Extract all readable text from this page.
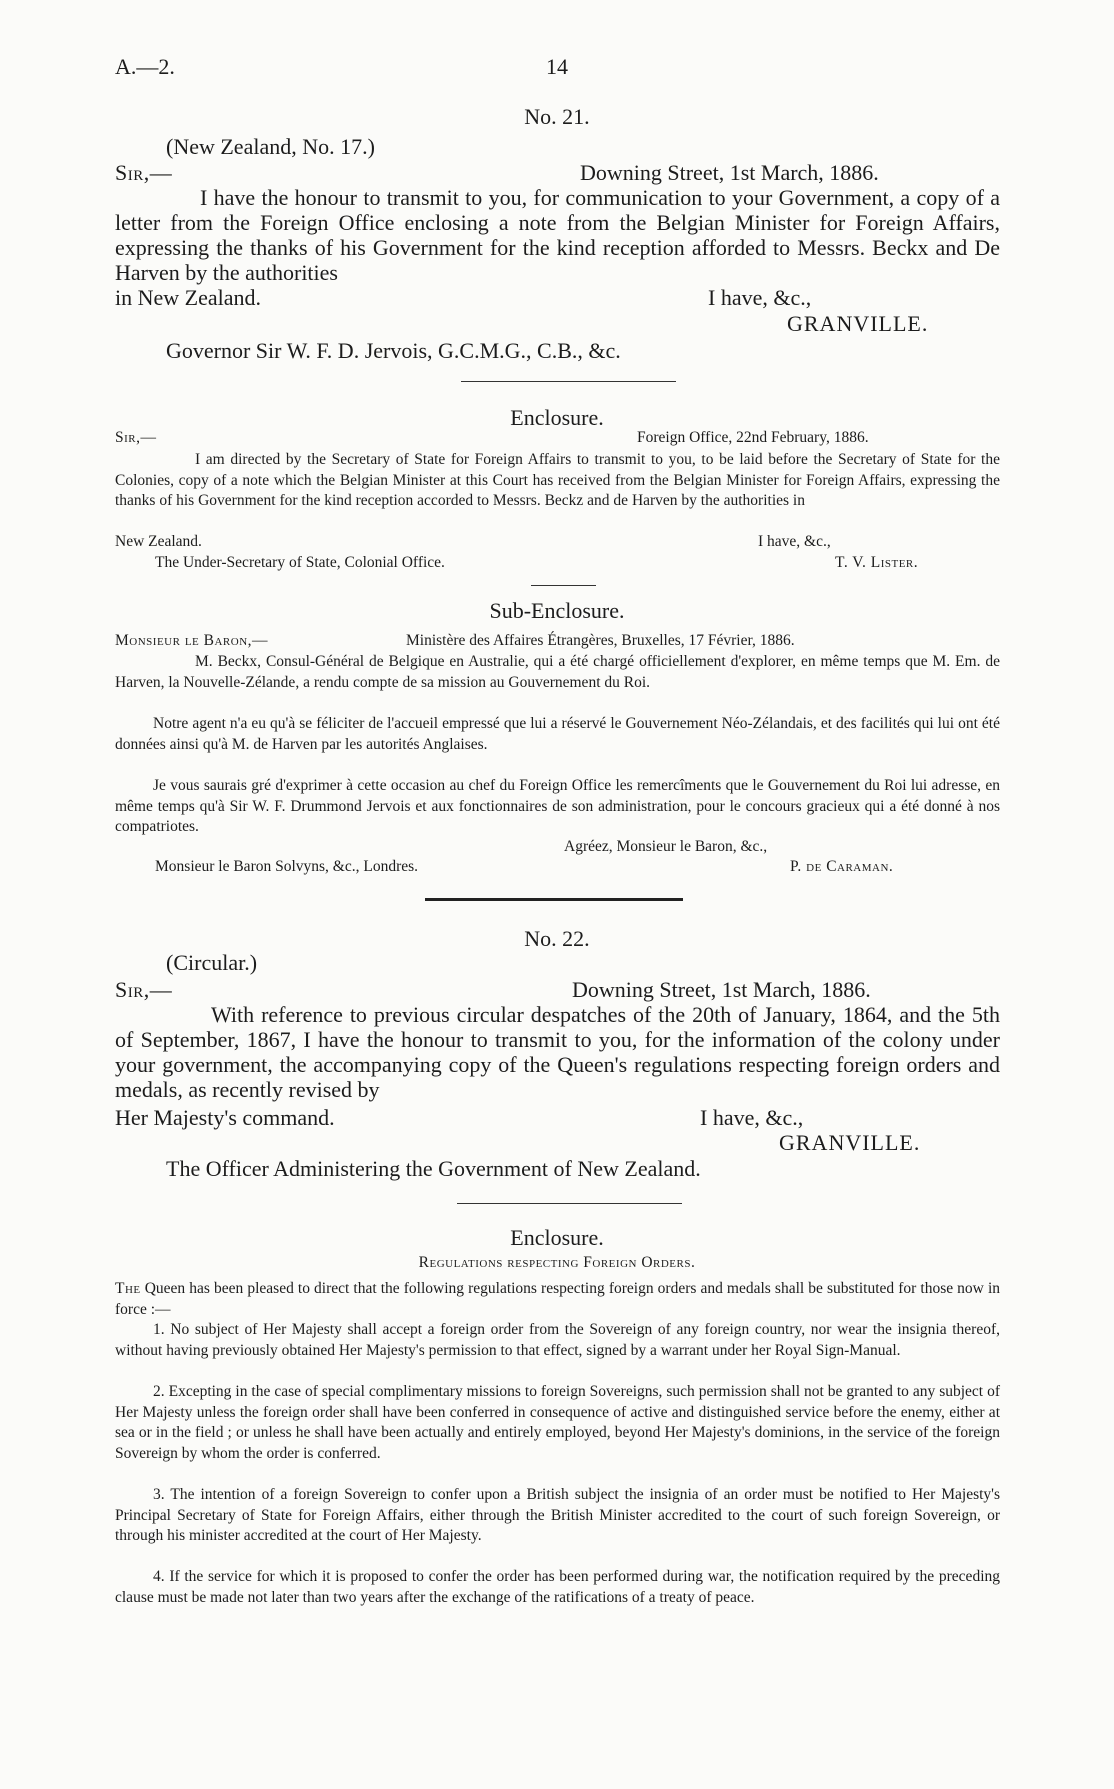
A.—2.	14
No. 21.
(New Zealand, No. 17.)
Sir,—	Downing Street, 1st March, 1886.
I have the honour to transmit to you, for communication to your Government, a copy of a letter from the Foreign Office enclosing a note from the Belgian Minister for Foreign Affairs, expressing the thanks of his Government for the kind reception afforded to Messrs. Beckx and De Harven by the authorities
in New Zealand.	I have, &c.,
GRANVILLE.
Governor Sir W. F. D. Jervois, G.C.M.G., C.B., &c.
Enclosure.
Sir,—	Foreign Office, 22nd February, 1886.
I am directed by the Secretary of State for Foreign Affairs to transmit to you, to be laid before the Secretary of State for the Colonies, copy of a note which the Belgian Minister at this Court has received from the Belgian Minister for Foreign Affairs, expressing the thanks of his Government for the kind reception accorded to Messrs. Beckz and de Harven by the authorities in
New Zealand.	I have, &c.,
The Under-Secretary of State, Colonial Office.	T. V. Lister.
Sub-Enclosure.
Monsieur le Baron,—	Ministère des Affaires Étrangères, Bruxelles, 17 Février, 1886.
M. Beckx, Consul-Général de Belgique en Australie, qui a été chargé officiellement d'explorer, en même temps que M. Em. de Harven, la Nouvelle-Zélande, a rendu compte de sa mission au Gouvernement du Roi.
Notre agent n'a eu qu'à se féliciter de l'accueil empressé que lui a réservé le Gouvernement Néo-Zélandais, et des facilités qui lui ont été données ainsi qu'à M. de Harven par les autorités Anglaises.
Je vous saurais gré d'exprimer à cette occasion au chef du Foreign Office les remercîments que le Gouvernement du Roi lui adresse, en même temps qu'à Sir W. F. Drummond Jervois et aux fonctionnaires de son administration, pour le concours gracieux qui a été donné à nos compatriotes.
Agréez, Monsieur le Baron, &c.,
Monsieur le Baron Solvyns, &c., Londres.	P. de Caraman.
No. 22.
(Circular.)
Sir,—	Downing Street, 1st March, 1886.
With reference to previous circular despatches of the 20th of January, 1864, and the 5th of September, 1867, I have the honour to transmit to you, for the information of the colony under your government, the accompanying copy of the Queen's regulations respecting foreign orders and medals, as recently revised by
Her Majesty's command.	I have, &c.,
GRANVILLE.
The Officer Administering the Government of New Zealand.
Enclosure.
Regulations respecting Foreign Orders.
The Queen has been pleased to direct that the following regulations respecting foreign orders and medals shall be substituted for those now in force :—
1. No subject of Her Majesty shall accept a foreign order from the Sovereign of any foreign country, nor wear the insignia thereof, without having previously obtained Her Majesty's permission to that effect, signed by a warrant under her Royal Sign-Manual.
2. Excepting in the case of special complimentary missions to foreign Sovereigns, such permission shall not be granted to any subject of Her Majesty unless the foreign order shall have been conferred in consequence of active and distinguished service before the enemy, either at sea or in the field ; or unless he shall have been actually and entirely employed, beyond Her Majesty's dominions, in the service of the foreign Sovereign by whom the order is conferred.
3. The intention of a foreign Sovereign to confer upon a British subject the insignia of an order must be notified to Her Majesty's Principal Secretary of State for Foreign Affairs, either through the British Minister accredited to the court of such foreign Sovereign, or through his minister accredited at the court of Her Majesty.
4. If the service for which it is proposed to confer the order has been performed during war, the notification required by the preceding clause must be made not later than two years after the exchange of the ratifications of a treaty of peace.
